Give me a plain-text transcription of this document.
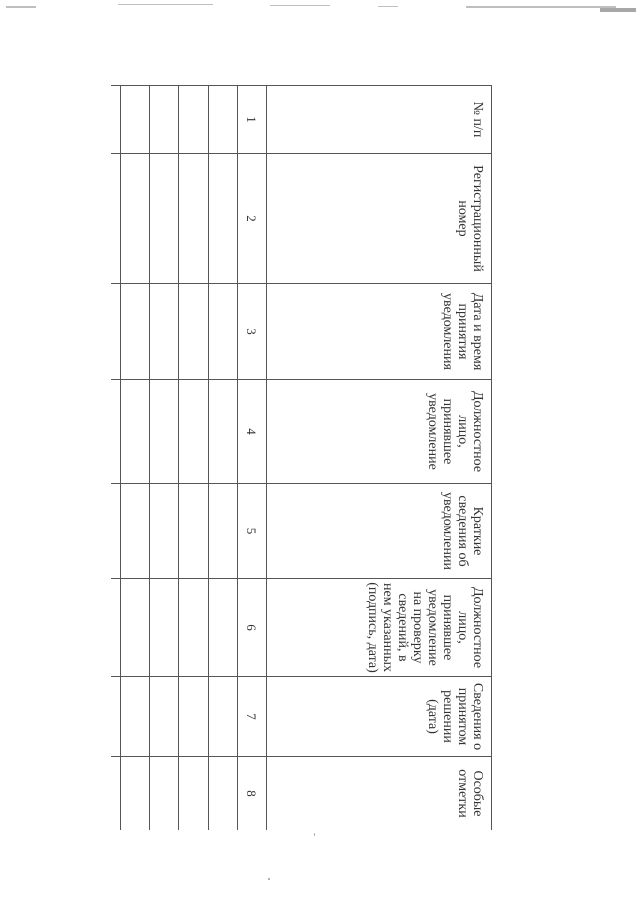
№ п/п	Регистрационный номер	Дата и время принятия уведомления	Должностное лицо, принявшее уведомление	Краткие сведения об уведомлении	Должностное лицо, принявшее уведомление на проверку сведений, в нем указанных (подпись, дата)	Сведения о принятом решении (дата)	Особые отметки
1	2	3	4	5	6	7	8
